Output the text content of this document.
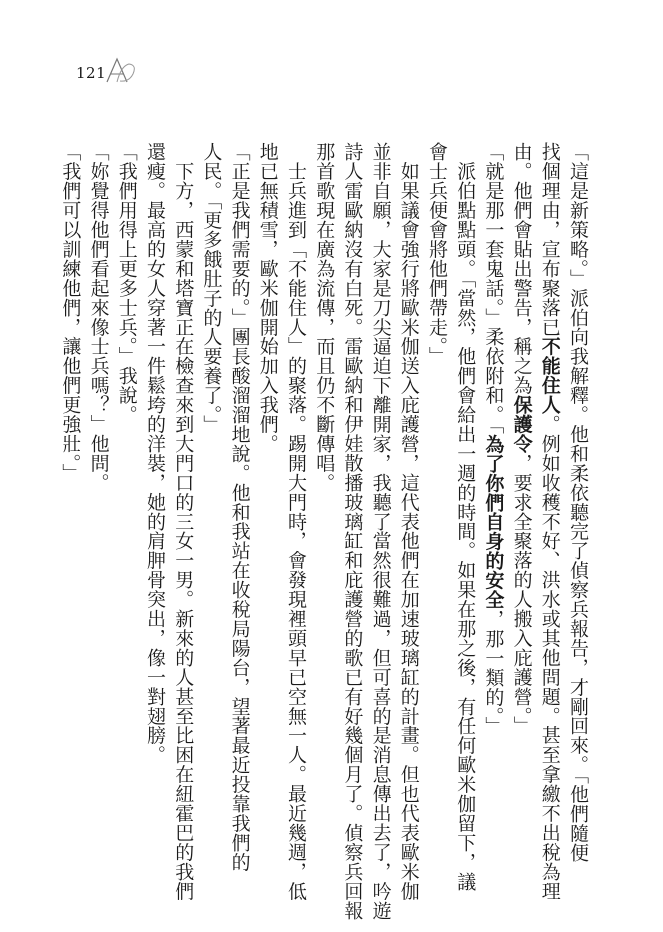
121
「這是新策略。」派伯向我解釋。他和柔依聽完了偵察兵報告，才剛回來。「他們隨便
找個理由，宣布聚落已不能住人。例如收穫不好、洪水或其他問題。甚至拿繳不出稅為理
由。他們會貼出警告，稱之為保護令，要求全聚落的人搬入庇護營。」
「就是那一套鬼話。」柔依附和。「為了你們自身的安全，那一類的。」
　派伯點點頭。「當然，他們會給出一週的時間。如果在那之後，有任何歐米伽留下，議
會士兵便會將他們帶走。」
　如果議會強行將歐米伽送入庇護營，這代表他們在加速玻璃缸的計畫。但也代表歐米伽
並非自願，大家是刀尖逼迫下離開家，我聽了當然很難過，但可喜的是消息傳出去了，吟遊
詩人雷歐納沒有白死。雷歐納和伊娃散播玻璃缸和庇護營的歌已有好幾個月了。偵察兵回報
那首歌現在廣為流傳，而且仍不斷傳唱。
　士兵進到「不能住人」的聚落。踢開大門時，會發現裡頭早已空無一人。最近幾週，低
地已無積雪，歐米伽開始加入我們。
「正是我們需要的。」團長酸溜溜地說。他和我站在收稅局陽台，望著最近投靠我們的
人民。「更多餓肚子的人要養了。」
　下方，西蒙和塔寶正在檢查來到大門口的三女一男。新來的人甚至比困在紐霍巴的我們
還瘦。最高的女人穿著一件鬆垮的洋裝，她的肩胛骨突出，像一對翅膀。
「我們用得上更多士兵。」我說。
「妳覺得他們看起來像士兵嗎？」他問。
「我們可以訓練他們，讓他們更強壯。」
